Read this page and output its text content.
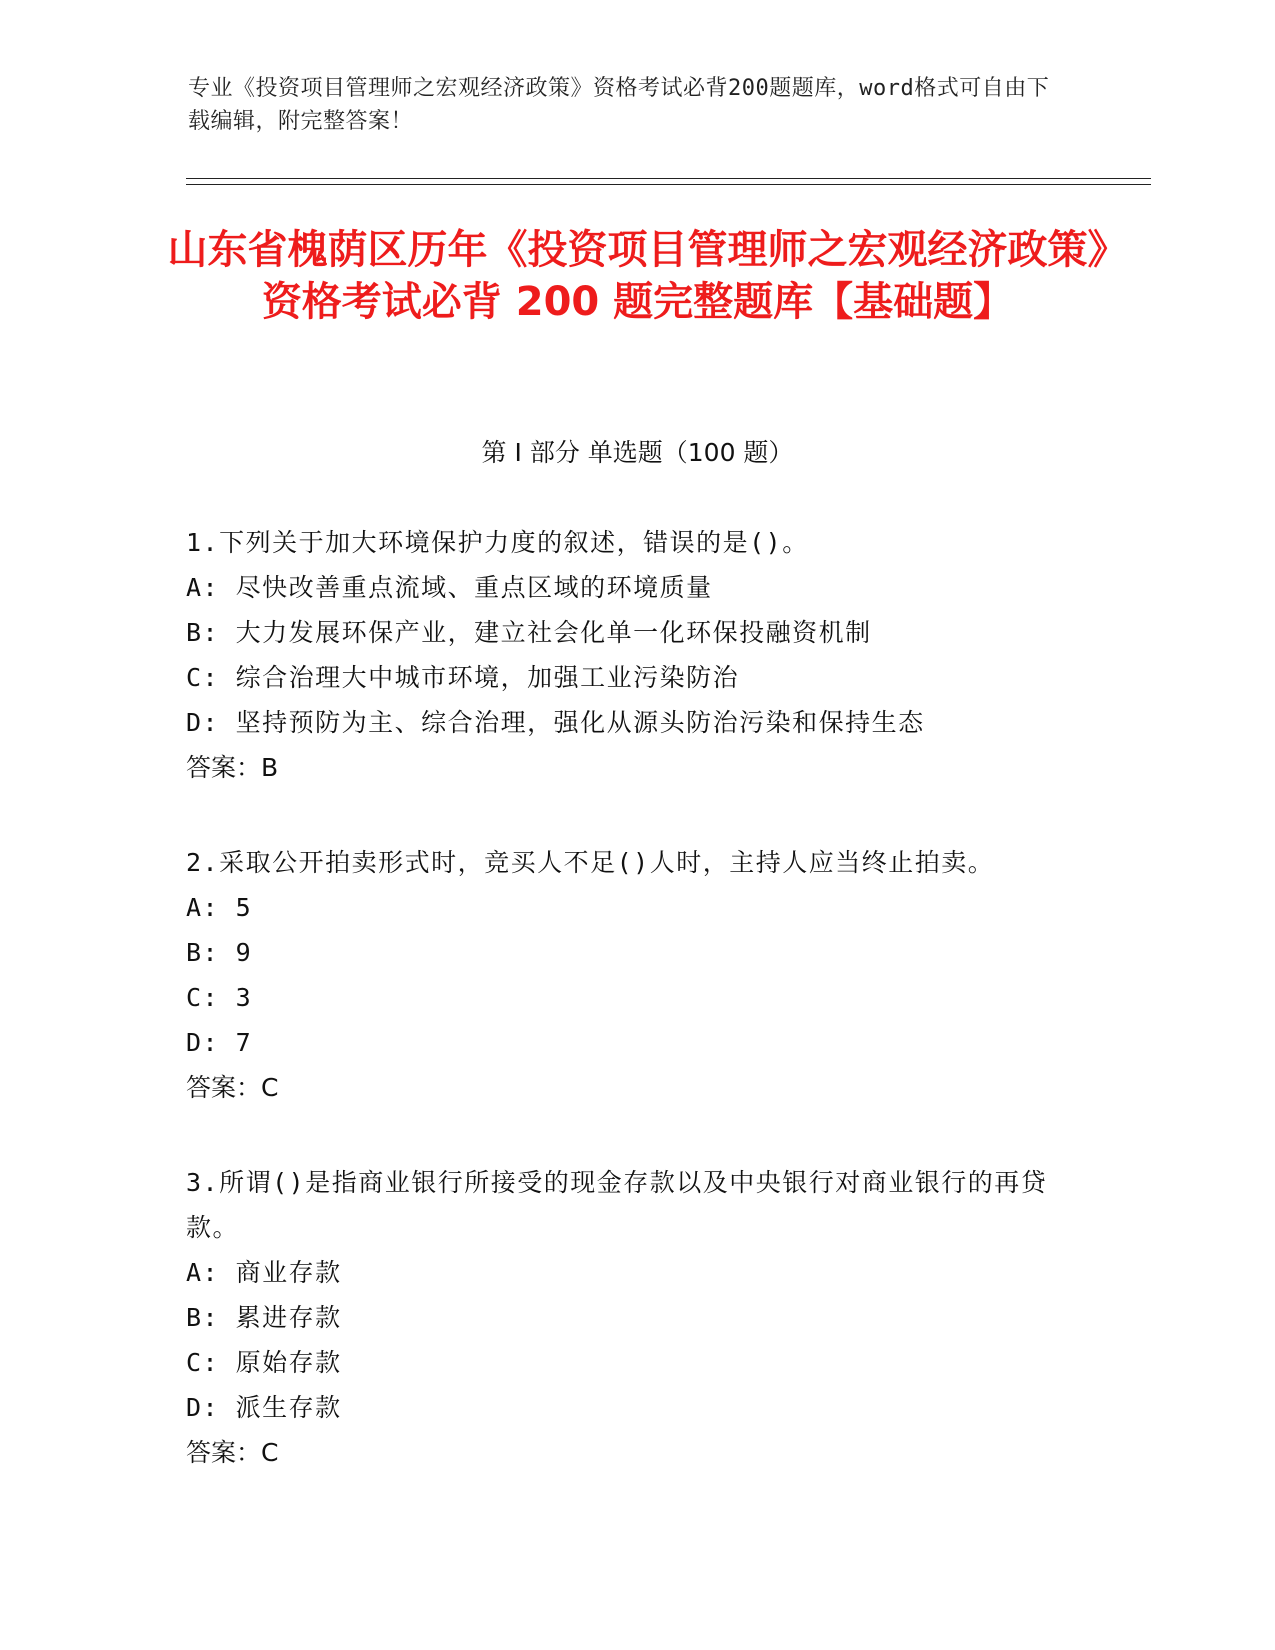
专业《投资项目管理师之宏观经济政策》资格考试必背200题题库，word格式可自由下载编辑，附完整答案！
山东省槐荫区历年《投资项目管理师之宏观经济政策》资格考试必背 200 题完整题库【基础题】
第 I 部分 单选题（100 题）
1.下列关于加大环境保护力度的叙述，错误的是()。
A: 尽快改善重点流域、重点区域的环境质量
B: 大力发展环保产业，建立社会化单一化环保投融资机制
C: 综合治理大中城市环境，加强工业污染防治
D: 坚持预防为主、综合治理，强化从源头防治污染和保持生态
答案：B
2.采取公开拍卖形式时，竞买人不足()人时，主持人应当终止拍卖。
A: 5
B: 9
C: 3
D: 7
答案：C
3.所谓()是指商业银行所接受的现金存款以及中央银行对商业银行的再贷款。
A: 商业存款
B: 累进存款
C: 原始存款
D: 派生存款
答案：C
